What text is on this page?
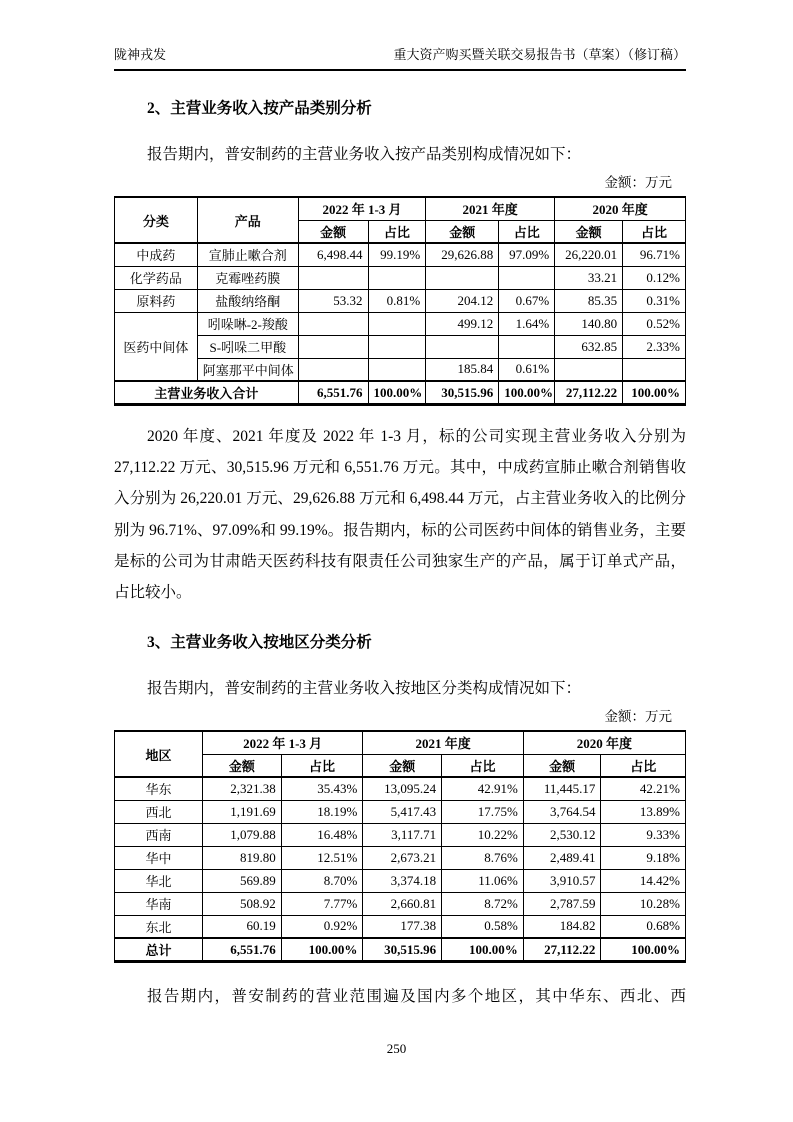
陇神戎发	重大资产购买暨关联交易报告书（草案）（修订稿）
2、主营业务收入按产品类别分析
报告期内，普安制药的主营业务收入按产品类别构成情况如下：
金额：万元
分类	产品	2022 年 1-3 月		2021 年度		2020 年度	
		金额	占比	金额	占比	金额	占比
中成药	宣肺止嗽合剂	6,498.44	99.19%	29,626.88	97.09%	26,220.01	96.71%
化学药品	克霉唑药膜					33.21	0.12%
原料药	盐酸纳络酮	53.32	0.81%	204.12	0.67%	85.35	0.31%
医药中间体	吲哚啉-2-羧酸			499.12	1.64%	140.80	0.52%
	S-吲哚二甲酸					632.85	2.33%
	阿塞那平中间体			185.84	0.61%		
主营业务收入合计		6,551.76	100.00%	30,515.96	100.00%	27,112.22	100.00%
2020 年度、2021 年度及 2022 年 1-3 月，标的公司实现主营业务收入分别为 27,112.22 万元、30,515.96 万元和 6,551.76 万元。其中，中成药宣肺止嗽合剂销售收入分别为 26,220.01 万元、29,626.88 万元和 6,498.44 万元，占主营业务收入的比例分别为 96.71%、97.09%和 99.19%。报告期内，标的公司医药中间体的销售业务，主要是标的公司为甘肃皓天医药科技有限责任公司独家生产的产品，属于订单式产品，占比较小。
3、主营业务收入按地区分类分析
报告期内，普安制药的主营业务收入按地区分类构成情况如下：
金额：万元
地区	2022 年 1-3 月		2021 年度		2020 年度	
	金额	占比	金额	占比	金额	占比
华东	2,321.38	35.43%	13,095.24	42.91%	11,445.17	42.21%
西北	1,191.69	18.19%	5,417.43	17.75%	3,764.54	13.89%
西南	1,079.88	16.48%	3,117.71	10.22%	2,530.12	9.33%
华中	819.80	12.51%	2,673.21	8.76%	2,489.41	9.18%
华北	569.89	8.70%	3,374.18	11.06%	3,910.57	14.42%
华南	508.92	7.77%	2,660.81	8.72%	2,787.59	10.28%
东北	60.19	0.92%	177.38	0.58%	184.82	0.68%
总计	6,551.76	100.00%	30,515.96	100.00%	27,112.22	100.00%
报告期内，普安制药的营业范围遍及国内多个地区，其中华东、西北、西
250
